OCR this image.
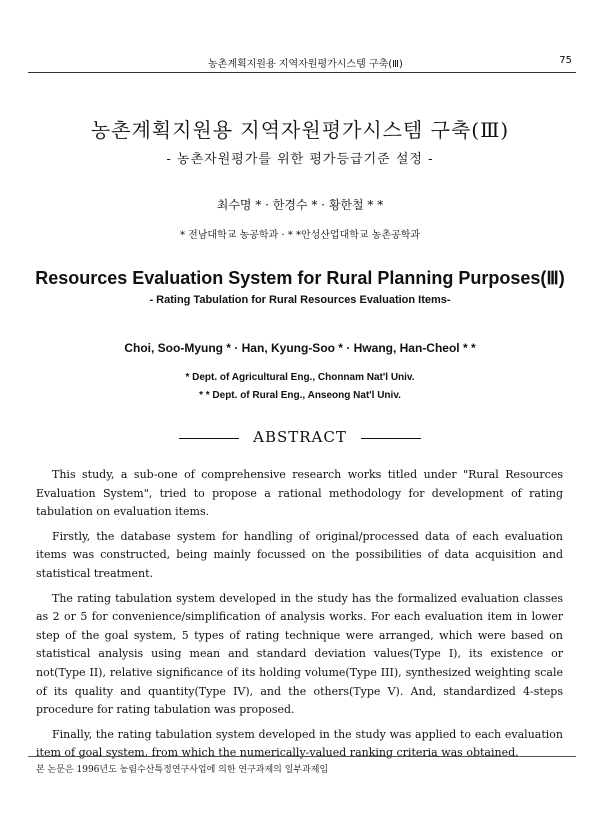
농촌계획지원용 지역자원평가시스템 구축(Ⅲ)	75
농촌계획지원용 지역자원평가시스템 구축(Ⅲ)
- 농촌자원평가를 위한 평가등급기준 설정 -
최수명 * · 한경수 * · 황한철 * *
* 전남대학교 농공학과 · * *안성산업대학교 농촌공학과
Resources Evaluation System for Rural Planning Purposes(Ⅲ)
- Rating Tabulation for Rural Resources Evaluation Items-
Choi, Soo-Myung * · Han, Kyung-Soo * · Hwang, Han-Cheol * *
* Dept. of Agricultural Eng., Chonnam Nat'l Univ.
* * Dept. of Rural Eng., Anseong Nat'l Univ.
ABSTRACT

This study, a sub-one of comprehensive research works titled under "Rural Resources Evaluation System", tried to propose a rational methodology for development of rating tabulation on evaluation items.

Firstly, the database system for handling of original/processed data of each evaluation items was constructed, being mainly focussed on the possibilities of data acquisition and statistical treatment.

The rating tabulation system developed in the study has the formalized evaluation classes as 2 or 5 for convenience/simplification of analysis works. For each evaluation item in lower step of the goal system, 5 types of rating technique were arranged, which were based on statistical analysis using mean and standard deviation values(Type I), its existence or not(Type II), relative significance of its holding volume(Type III), synthesized weighting scale of its quality and quantity(Type IV), and the others(Type V). And, standardized 4-steps procedure for rating tabulation was proposed.

Finally, the rating tabulation system developed in the study was applied to each evaluation item of goal system, from which the numerically-valued ranking criteria was obtained.

본 논문은 1996년도 농림수산특정연구사업에 의한 연구과제의 일부과제임
